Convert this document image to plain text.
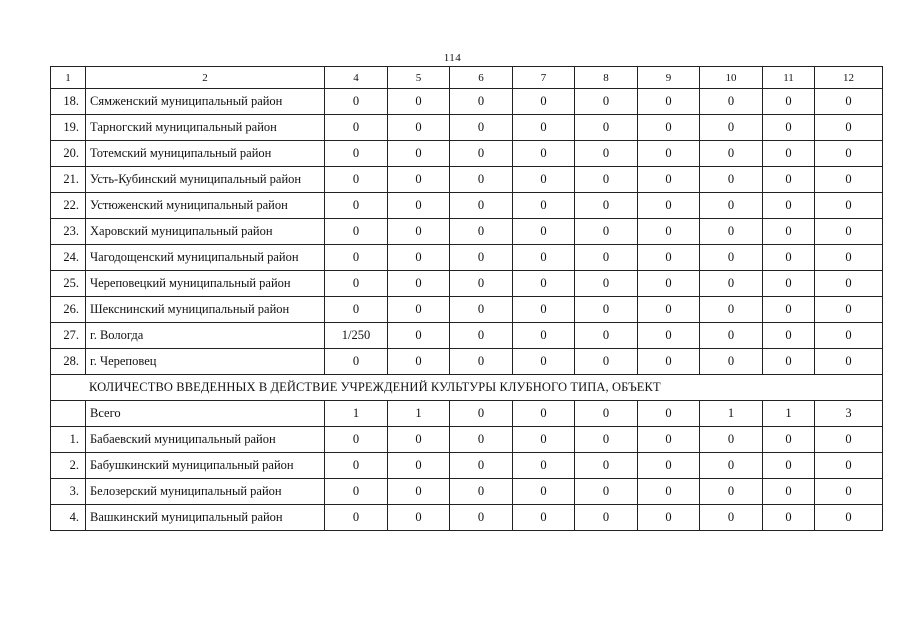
114
1	2	4	5	6	7	8	9	10	11	12
18.	Сямженский муниципальный район	0	0	0	0	0	0	0	0	0
19.	Тарногский муниципальный район	0	0	0	0	0	0	0	0	0
20.	Тотемский муниципальный район	0	0	0	0	0	0	0	0	0
21.	Усть-Кубинский муниципальный район	0	0	0	0	0	0	0	0	0
22.	Устюженский муниципальный район	0	0	0	0	0	0	0	0	0
23.	Харовский муниципальный район	0	0	0	0	0	0	0	0	0
24.	Чагодощенский муниципальный район	0	0	0	0	0	0	0	0	0
25.	Череповецкий муниципальный район	0	0	0	0	0	0	0	0	0
26.	Шекснинский муниципальный район	0	0	0	0	0	0	0	0	0
27.	г. Вологда	1/250	0	0	0	0	0	0	0	0
28.	г. Череповец	0	0	0	0	0	0	0	0	0
КОЛИЧЕСТВО ВВЕДЕННЫХ В ДЕЙСТВИЕ УЧРЕЖДЕНИЙ КУЛЬТУРЫ КЛУБНОГО ТИПА, ОБЪЕКТ										
	Всего	1	1	0	0	0	0	1	1	3
1.	Бабаевский муниципальный район	0	0	0	0	0	0	0	0	0
2.	Бабушкинский муниципальный район	0	0	0	0	0	0	0	0	0
3.	Белозерский муниципальный район	0	0	0	0	0	0	0	0	0
4.	Вашкинский муниципальный район	0	0	0	0	0	0	0	0	0
